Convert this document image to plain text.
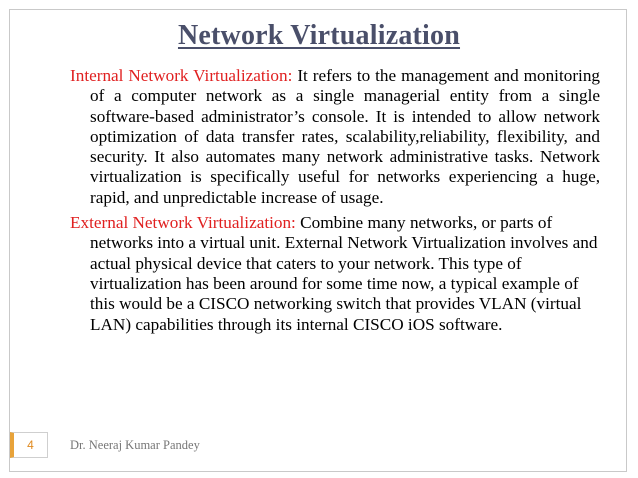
Network Virtualization

Internal Network Virtualization: It refers to the management and monitoring of a computer network as a single managerial entity from a single software-based administrator’s console. It is intended to allow network optimization of data transfer rates, scalability,reliability, flexibility, and security. It also automates many network administrative tasks. Network virtualization is specifically useful for networks experiencing a huge, rapid, and unpredictable increase of usage.

External Network Virtualization: Combine many networks, or parts of networks into a virtual unit. External Network Virtualization involves and actual physical device that caters to your network. This type of virtualization has been around for some time now, a typical example of this would be a CISCO networking switch that provides VLAN (virtual LAN) capabilities through its internal CISCO iOS software.

4	Dr. Neeraj Kumar Pandey
